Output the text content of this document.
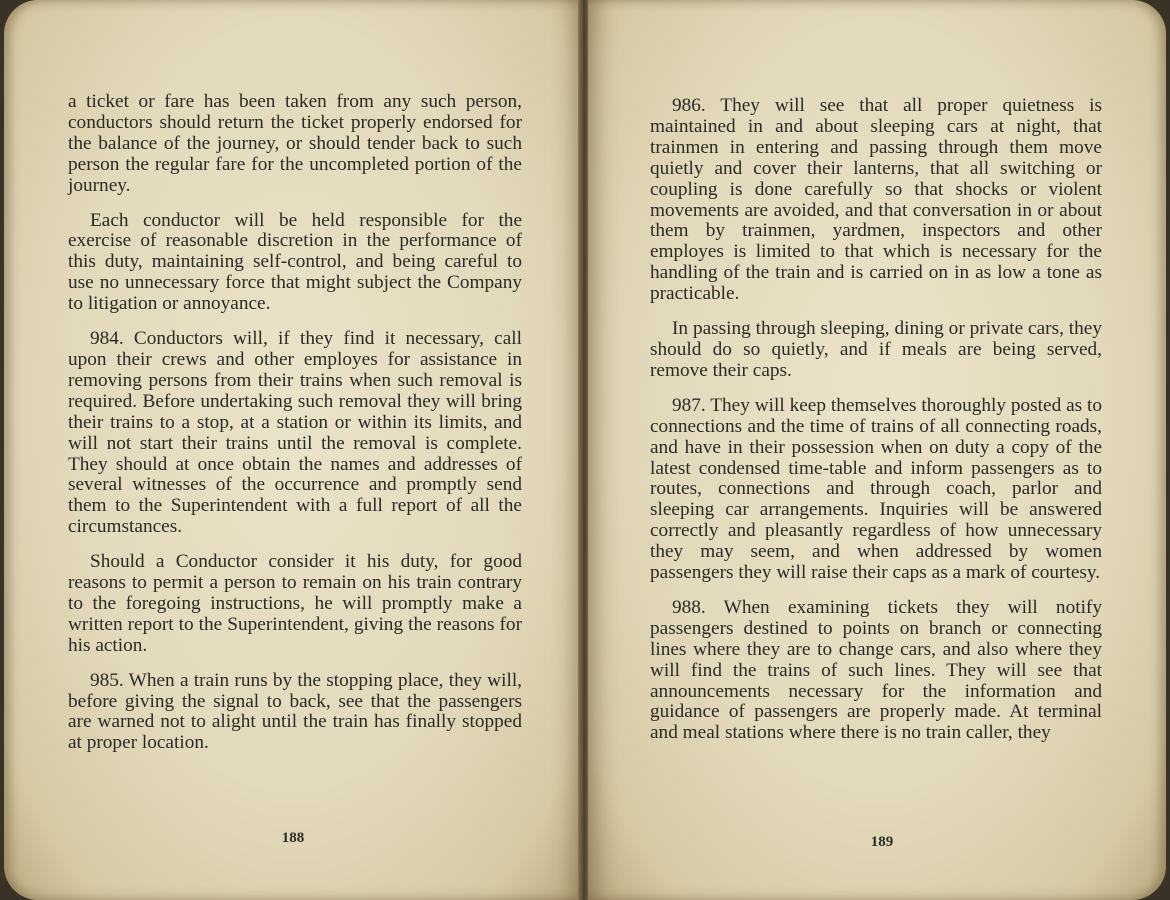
a ticket or fare has been taken from any such person, conductors should return the ticket properly endorsed for the balance of the journey, or should tender back to such person the regular fare for the uncompleted portion of the journey.

Each conductor will be held responsible for the exercise of reasonable discretion in the performance of this duty, maintaining self-control, and being careful to use no unnecessary force that might subject the Company to litigation or annoyance.

984. Conductors will, if they find it necessary, call upon their crews and other employes for assistance in removing persons from their trains when such removal is required. Before undertaking such removal they will bring their trains to a stop, at a station or within its limits, and will not start their trains until the removal is complete. They should at once obtain the names and addresses of several witnesses of the occurrence and promptly send them to the Superintendent with a full report of all the circumstances.

Should a Conductor consider it his duty, for good reasons to permit a person to remain on his train contrary to the foregoing instructions, he will promptly make a written report to the Superintendent, giving the reasons for his action.

985. When a train runs by the stopping place, they will, before giving the signal to back, see that the passengers are warned not to alight until the train has finally stopped at proper location.

188

986. They will see that all proper quietness is maintained in and about sleeping cars at night, that trainmen in entering and passing through them move quietly and cover their lanterns, that all switching or coupling is done carefully so that shocks or violent movements are avoided, and that conversation in or about them by trainmen, yardmen, inspectors and other employes is limited to that which is necessary for the handling of the train and is carried on in as low a tone as practicable.

In passing through sleeping, dining or private cars, they should do so quietly, and if meals are being served, remove their caps.

987. They will keep themselves thoroughly posted as to connections and the time of trains of all connecting roads, and have in their possession when on duty a copy of the latest condensed time-table and inform passengers as to routes, connections and through coach, parlor and sleeping car arrangements. Inquiries will be answered correctly and pleasantly regardless of how unnecessary they may seem, and when addressed by women passengers they will raise their caps as a mark of courtesy.

988. When examining tickets they will notify passengers destined to points on branch or connecting lines where they are to change cars, and also where they will find the trains of such lines. They will see that announcements necessary for the information and guidance of passengers are properly made. At terminal and meal stations where there is no train caller, they

189
